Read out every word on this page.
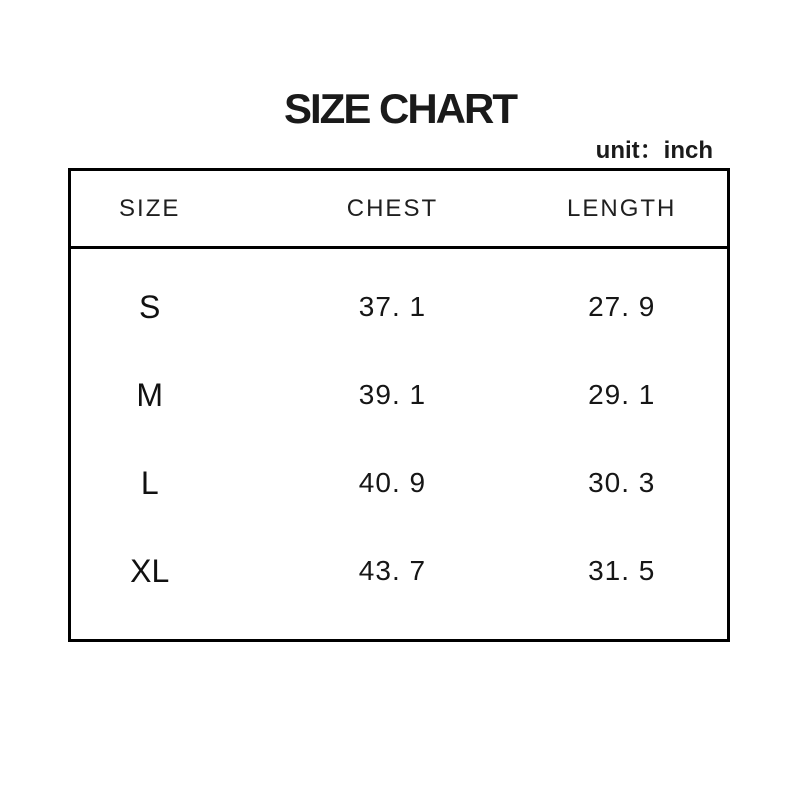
SIZE CHART
unit：inch
SIZE	CHEST	LENGTH
S	37. 1	27. 9
M	39. 1	29. 1
L	40. 9	30. 3
XL	43. 7	31. 5
